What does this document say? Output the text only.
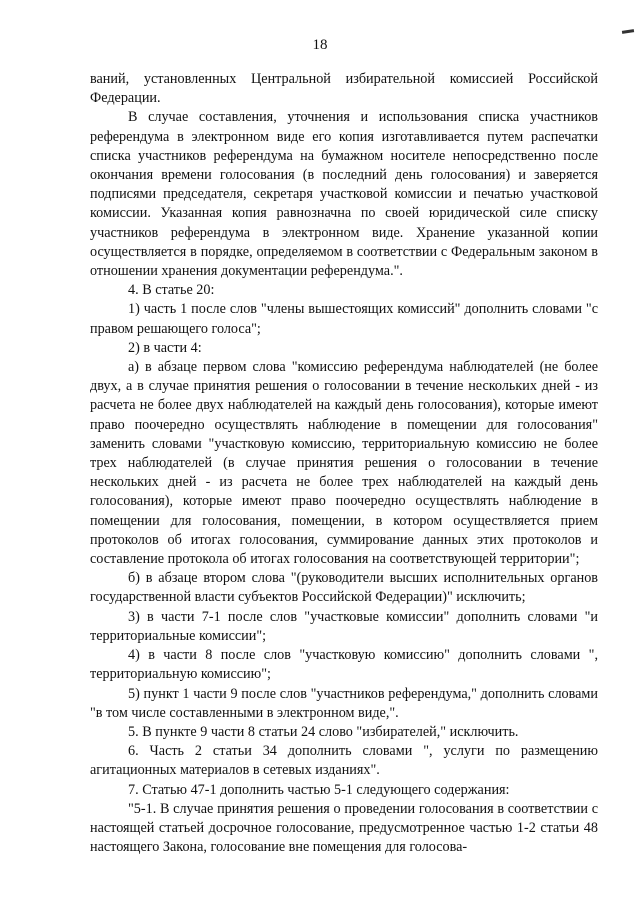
18

ваний, установленных Центральной избирательной комиссией Российской Федерации.

В случае составления, уточнения и использования списка участников референдума в электронном виде его копия изготавливается путем распечатки списка участников референдума на бумажном носителе непосредственно после окончания времени голосования (в последний день голосования) и заверяется подписями председателя, секретаря участковой комиссии и печатью участковой комиссии. Указанная копия равнозначна по своей юридической силе списку участников референдума в электронном виде. Хранение указанной копии осуществляется в порядке, определяемом в соответствии с Федеральным законом в отношении хранения документации референдума.".

4. В статье 20:

1) часть 1 после слов "члены вышестоящих комиссий" дополнить словами "с правом решающего голоса";

2) в части 4:

а) в абзаце первом слова "комиссию референдума наблюдателей (не более двух, а в случае принятия решения о голосовании в течение нескольких дней - из расчета не более двух наблюдателей на каждый день голосования), которые имеют право поочередно осуществлять наблюдение в помещении для голосования" заменить словами "участковую комиссию, территориальную комиссию не более трех наблюдателей (в случае принятия решения о голосовании в течение нескольких дней - из расчета не более трех наблюдателей на каждый день голосования), которые имеют право поочередно осуществлять наблюдение в помещении для голосования, помещении, в котором осуществляется прием протоколов об итогах голосования, суммирование данных этих протоколов и составление протокола об итогах голосования на соответствующей территории";

б) в абзаце втором слова "(руководители высших исполнительных органов государственной власти субъектов Российской Федерации)" исключить;

3) в части 7-1 после слов "участковые комиссии" дополнить словами "и территориальные комиссии";

4) в части 8 после слов "участковую комиссию" дополнить словами ", территориальную комиссию";

5) пункт 1 части 9 после слов "участников референдума," дополнить словами "в том числе составленными в электронном виде,".

5. В пункте 9 части 8 статьи 24 слово "избирателей," исключить.

6. Часть 2 статьи 34 дополнить словами ", услуги по размещению агитационных материалов в сетевых изданиях".

7. Статью 47-1 дополнить частью 5-1 следующего содержания:

"5-1. В случае принятия решения о проведении голосования в соответствии с настоящей статьей досрочное голосование, предусмотренное частью 1-2 статьи 48 настоящего Закона, голосование вне помещения для голосова-
